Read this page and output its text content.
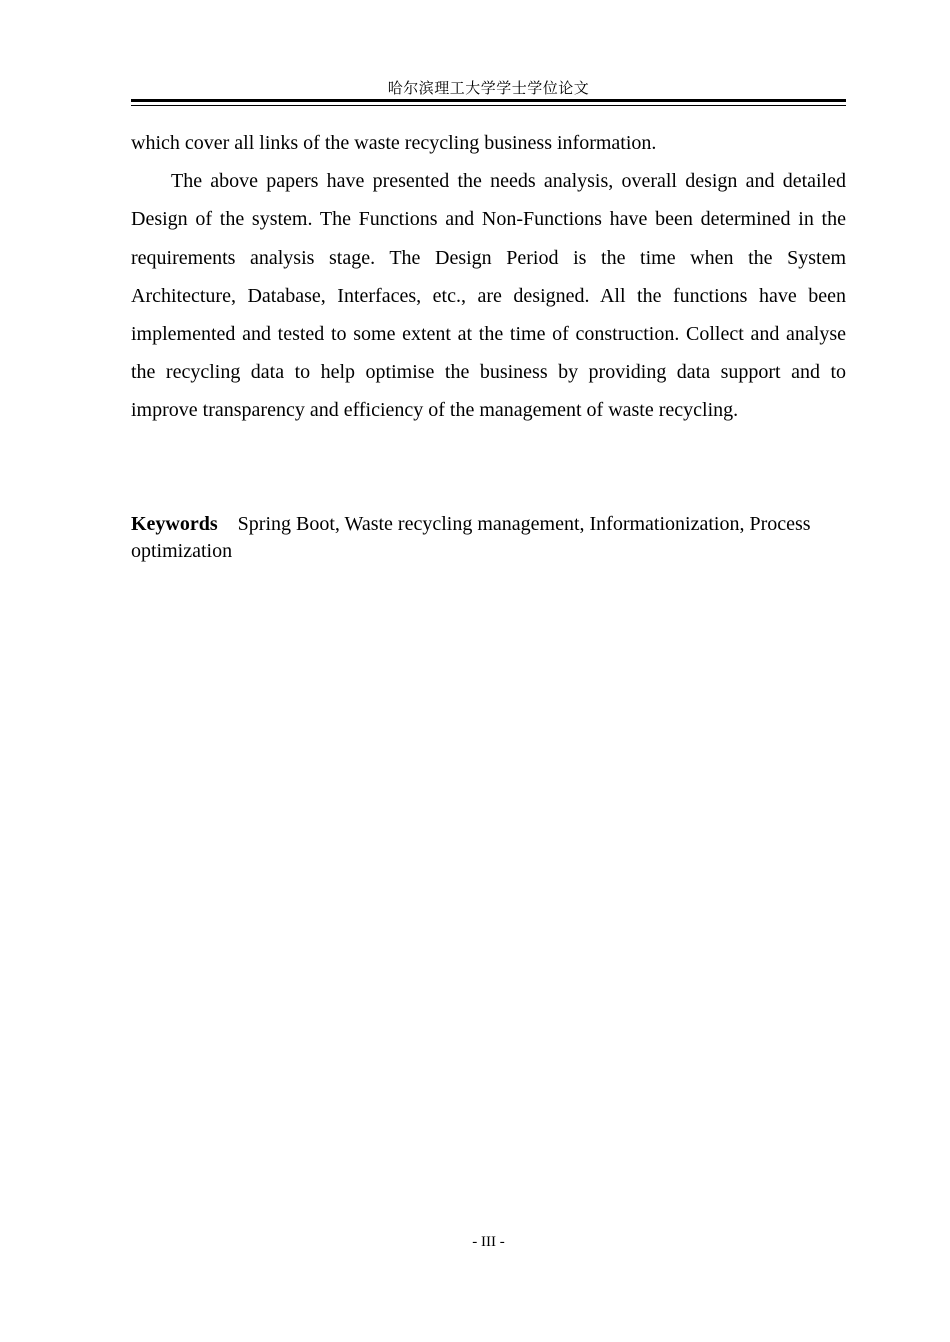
哈尔滨理工大学学士学位论文

which cover all links of the waste recycling business information.

The above papers have presented the needs analysis, overall design and detailed Design of the system. The Functions and Non-Functions have been determined in the requirements analysis stage. The Design Period is the time when the System Architecture, Database, Interfaces, etc., are designed. All the functions have been implemented and tested to some extent at the time of construction. Collect and analyse the recycling data to help optimise the business by providing data support and to improve transparency and efficiency of the management of waste recycling.

Keywords Spring Boot, Waste recycling management, Informationization, Process optimization

- III -
